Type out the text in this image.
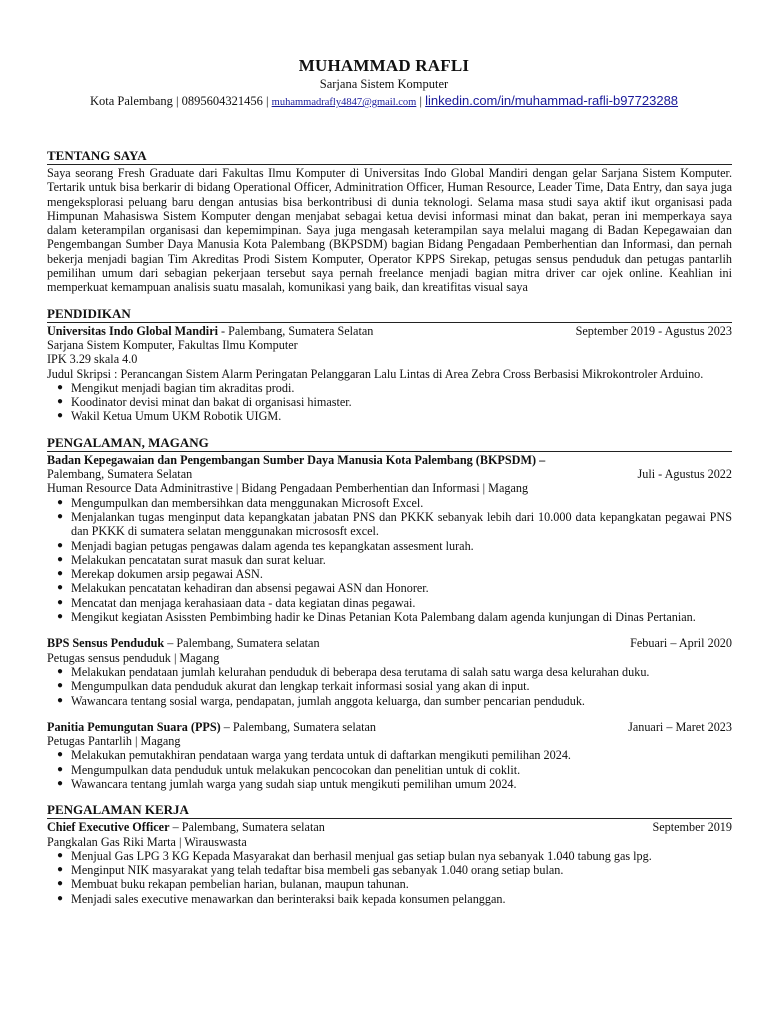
MUHAMMAD RAFLI
Sarjana Sistem Komputer
Kota Palembang | 0895604321456 | muhammadrafly4847@gmail.com | linkedin.com/in/muhammad-rafli-b97723288
TENTANG SAYA
Saya seorang Fresh Graduate dari Fakultas Ilmu Komputer di Universitas Indo Global Mandiri dengan gelar Sarjana Sistem Komputer. Tertarik untuk bisa berkarir di bidang Operational Officer, Adminitration Officer, Human Resource, Leader Time, Data Entry, dan saya juga mengeksplorasi peluang baru dengan antusias bisa berkontribusi di dunia teknologi. Selama masa studi saya aktif ikut organisasi pada Himpunan Mahasiswa Sistem Komputer dengan menjabat sebagai ketua devisi informasi minat dan bakat, peran ini memperkaya saya dalam keterampilan organisasi dan kepemimpinan. Saya juga mengasah keterampilan saya melalui magang di Badan Kepegawaian dan Pengembangan Sumber Daya Manusia Kota Palembang (BKPSDM) bagian Bidang Pengadaan Pemberhentian dan Informasi, dan pernah bekerja menjadi bagian Tim Akreditas Prodi Sistem Komputer, Operator KPPS Sirekap, petugas sensus penduduk dan petugas pantarlih pemilihan umum dari sebagian pekerjaan tersebut saya pernah freelance menjadi bagian mitra driver car ojek online. Keahlian ini memperkuat kemampuan analisis suatu masalah, komunikasi yang baik, dan kreatifitas visual saya
PENDIDIKAN
Universitas Indo Global Mandiri - Palembang, Sumatera Selatan	September 2019 - Agustus 2023
Sarjana Sistem Komputer, Fakultas Ilmu Komputer
IPK 3.29 skala 4.0
Judul Skripsi : Perancangan Sistem Alarm Peringatan Pelanggaran Lalu Lintas di Area Zebra Cross Berbasisi Mikrokontroler Arduino.
● Mengikut menjadi bagian tim akraditas prodi.
● Koodinator devisi minat dan bakat di organisasi himaster.
● Wakil Ketua Umum UKM Robotik UIGM.
PENGALAMAN, MAGANG
Badan Kepegawaian dan Pengembangan Sumber Daya Manusia Kota Palembang (BKPSDM) –
Palembang, Sumatera Selatan	Juli - Agustus 2022
Human Resource Data Adminitrastive | Bidang Pengadaan Pemberhentian dan Informasi | Magang
● Mengumpulkan dan membersihkan data menggunakan Microsoft Excel.
● Menjalankan tugas menginput data kepangkatan jabatan PNS dan PKKK sebanyak lebih dari 10.000 data kepangkatan pegawai PNS dan PKKK di sumatera selatan menggunakan micrososft excel.
● Menjadi bagian petugas pengawas dalam agenda tes kepangkatan assesment lurah.
● Melakukan pencatatan surat masuk dan surat keluar.
● Merekap dokumen arsip pegawai ASN.
● Melakukan pencatatan kehadiran dan absensi pegawai ASN dan Honorer.
● Mencatat dan menjaga kerahasiaan data - data kegiatan dinas pegawai.
● Mengikut kegiatan Asissten Pembimbing hadir ke Dinas Petanian Kota Palembang dalam agenda kunjungan di Dinas Pertanian.
BPS Sensus Penduduk – Palembang, Sumatera selatan	Febuari – April 2020
Petugas sensus penduduk | Magang
● Melakukan pendataan jumlah kelurahan penduduk di beberapa desa terutama di salah satu warga desa kelurahan duku.
● Mengumpulkan data penduduk akurat dan lengkap terkait informasi sosial yang akan di input.
● Wawancara tentang sosial warga, pendapatan, jumlah anggota keluarga, dan sumber pencarian penduduk.
Panitia Pemungutan Suara (PPS) – Palembang, Sumatera selatan	Januari – Maret 2023
Petugas Pantarlih | Magang
● Melakukan pemutakhiran pendataan warga yang terdata untuk di daftarkan mengikuti pemilihan 2024.
● Mengumpulkan data penduduk untuk melakukan pencocokan dan penelitian untuk di coklit.
● Wawancara tentang jumlah warga yang sudah siap untuk mengikuti pemilihan umum 2024.
PENGALAMAN KERJA
Chief Executive Officer – Palembang, Sumatera selatan	September 2019
Pangkalan Gas Riki Marta | Wirauswasta
● Menjual Gas LPG 3 KG Kepada Masyarakat dan berhasil menjual gas setiap bulan nya sebanyak 1.040 tabung gas lpg.
● Menginput NIK masyarakat yang telah tedaftar bisa membeli gas sebanyak 1.040 orang setiap bulan.
● Membuat buku rekapan pembelian harian, bulanan, maupun tahunan.
● Menjadi sales executive menawarkan dan berinteraksi baik kepada konsumen pelanggan.
